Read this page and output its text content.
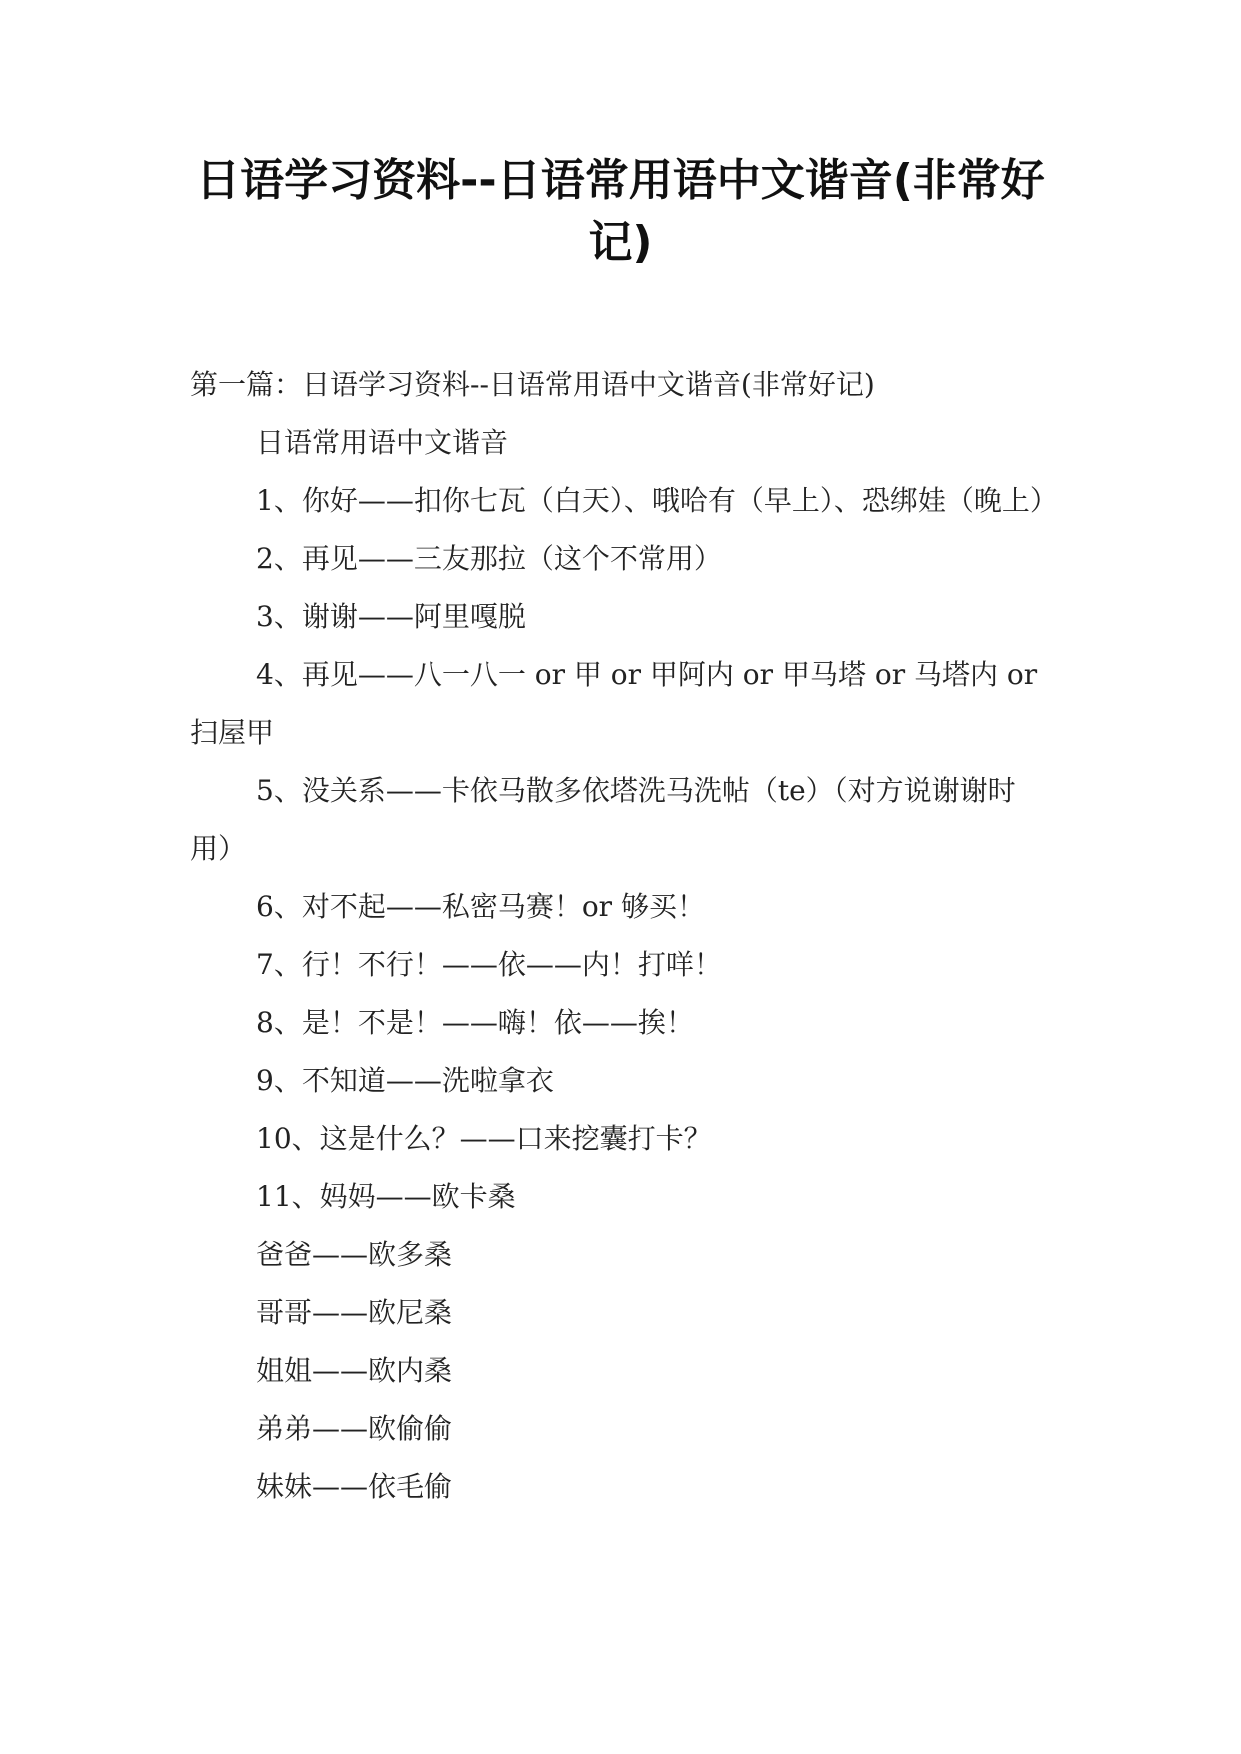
日语学习资料--日语常用语中文谐音(非常好记)

第一篇：日语学习资料--日语常用语中文谐音(非常好记)

日语常用语中文谐音

1、你好——扣你七瓦（白天）、哦哈有（早上）、恐绑娃（晚上）

2、再见——三友那拉（这个不常用）

3、谢谢——阿里嘎脱

4、再见——八一八一 or 甲 or 甲阿内 or 甲马塔 or 马塔内 or 扫屋甲

5、没关系——卡依马散多依塔洗马洗帖（te）（对方说谢谢时用）

6、对不起——私密马赛！or 够买！

7、行！不行！——依——内！打咩！

8、是！不是！——嗨！依——挨！

9、不知道——洗啦拿衣

10、这是什么？——口来挖囊打卡？

11、妈妈——欧卡桑

爸爸——欧多桑

哥哥——欧尼桑

姐姐——欧内桑

弟弟——欧偷偷

妹妹——依毛偷
